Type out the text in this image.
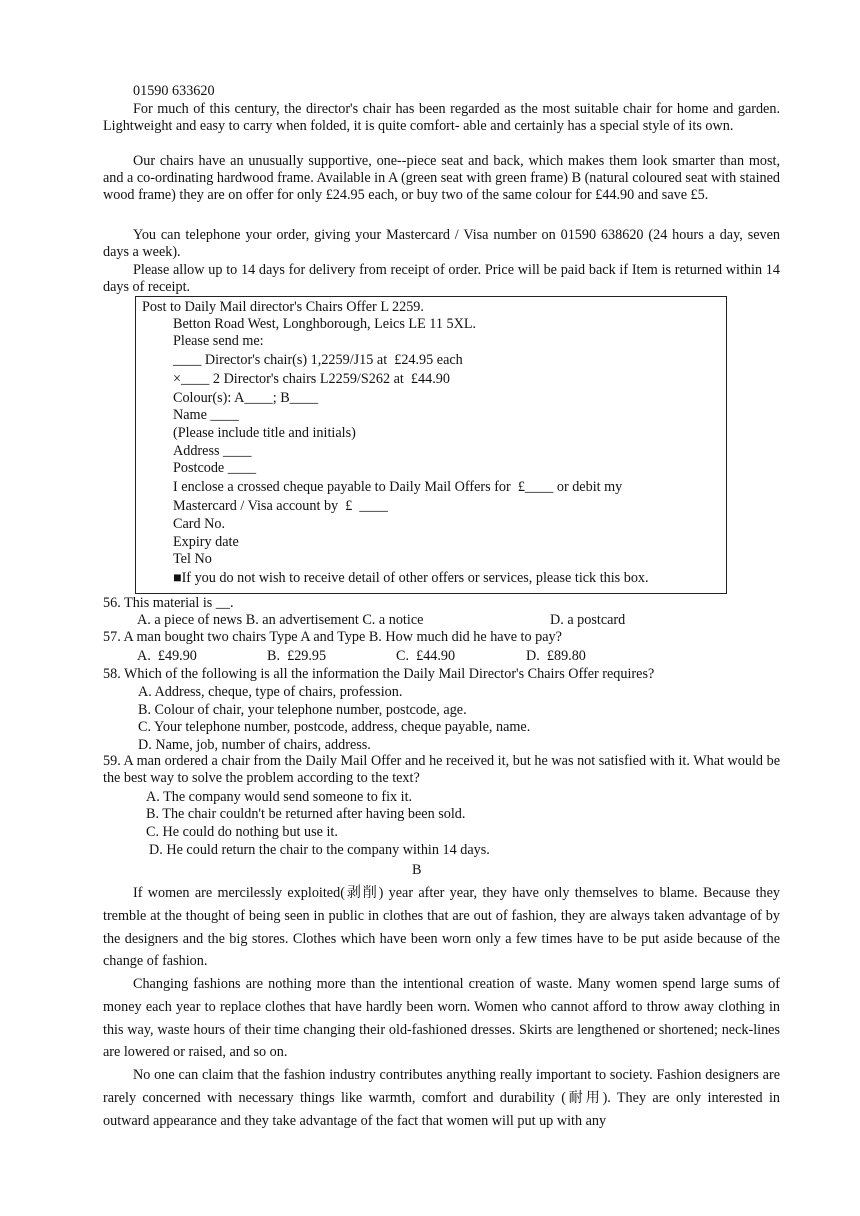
01590 633620
For much of this century, the director's chair has been regarded as the most suitable chair for home and garden. Lightweight and easy to carry when folded, it is quite comfort- able and certainly has a special style of its own.
Our chairs have an unusually supportive, one--piece seat and back, which makes them look smarter than most, and a co-ordinating hardwood frame. Available in A (green seat with green frame) B (natural coloured seat with stained wood frame) they are on offer for only £24.95 each, or buy two of the same colour for £44.90 and save £5.
You can telephone your order, giving your Mastercard / Visa number on 01590 638620 (24 hours a day, seven days a week).
Please allow up to 14 days for delivery from receipt of order. Price will be paid back if Item is returned within 14 days of receipt.
Post to Daily Mail director's Chairs Offer L 2259.
Betton Road West, Longhborough, Leics LE 11 5XL.
Please send me:
____ Director's chair(s) 1,2259/J15 at  £24.95 each
×____ 2 Director's chairs L2259/S262 at  £44.90
Colour(s): A____; B____
Name ____
(Please include title and initials)
Address ____
Postcode ____
I enclose a crossed cheque payable to Daily Mail Offers for  £____ or debit my
Mastercard / Visa account by  £  ____
Card No.
Expiry date
Tel No
■If you do not wish to receive detail of other offers or services, please tick this box.
56. This material is __.
A. a piece of news B. an advertisement C. a notice	D. a postcard
57. A man bought two chairs Type A and Type B. How much did he have to pay?
A.  £49.90	B.  £29.95	C.  £44.90	D.  £89.80
58. Which of the following is all the information the Daily Mail Director's Chairs Offer requires?
A. Address, cheque, type of chairs, profession.
B. Colour of chair, your telephone number, postcode, age.
C. Your telephone number, postcode, address, cheque payable, name.
D. Name, job, number of chairs, address.
59. A man ordered a chair from the Daily Mail Offer and he received it, but he was not satisfied with it. What would be the best way to solve the problem according to the text?
A. The company would send someone to fix it.
B. The chair couldn't be returned after having been sold.
C. He could do nothing but use it.
D. He could return the chair to the company within 14 days.
B
If women are mercilessly exploited(剥削) year after year, they have only themselves to blame. Because they tremble at the thought of being seen in public in clothes that are out of fashion, they are always taken advantage of by the designers and the big stores. Clothes which have been worn only a few times have to be put aside because of the change of fashion.
Changing fashions are nothing more than the intentional creation of waste. Many women spend large sums of money each year to replace clothes that have hardly been worn. Women who cannot afford to throw away clothing in this way, waste hours of their time changing their old-fashioned dresses. Skirts are lengthened or shortened; neck-lines are lowered or raised, and so on.
No one can claim that the fashion industry contributes anything really important to society. Fashion designers are rarely concerned with necessary things like warmth, comfort and durability (耐用). They are only interested in outward appearance and they take advantage of the fact that women will put up with any
